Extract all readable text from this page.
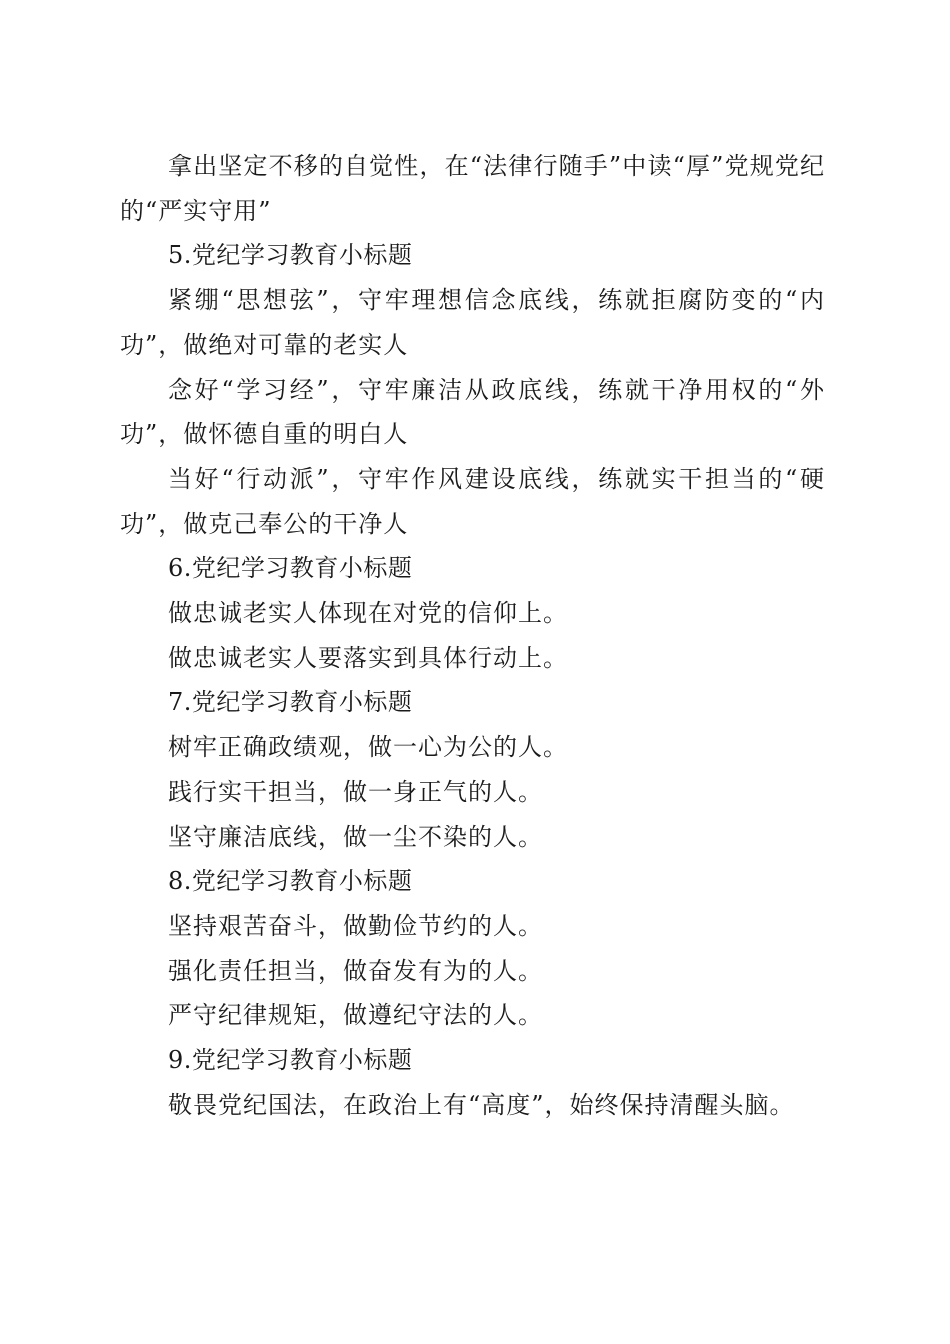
拿出坚定不移的自觉性，在“法律行随手”中读“厚”党规党纪的“严实守用”

5.党纪学习教育小标题

紧绷“思想弦”，守牢理想信念底线，练就拒腐防变的“内功”，做绝对可靠的老实人

念好“学习经”，守牢廉洁从政底线，练就干净用权的“外功”，做怀德自重的明白人

当好“行动派”，守牢作风建设底线，练就实干担当的“硬功”，做克己奉公的干净人

6.党纪学习教育小标题

做忠诚老实人体现在对党的信仰上。

做忠诚老实人要落实到具体行动上。

7.党纪学习教育小标题

树牢正确政绩观，做一心为公的人。

践行实干担当，做一身正气的人。

坚守廉洁底线，做一尘不染的人。

8.党纪学习教育小标题

坚持艰苦奋斗，做勤俭节约的人。

强化责任担当，做奋发有为的人。

严守纪律规矩，做遵纪守法的人。

9.党纪学习教育小标题

敬畏党纪国法，在政治上有“高度”，始终保持清醒头脑。
